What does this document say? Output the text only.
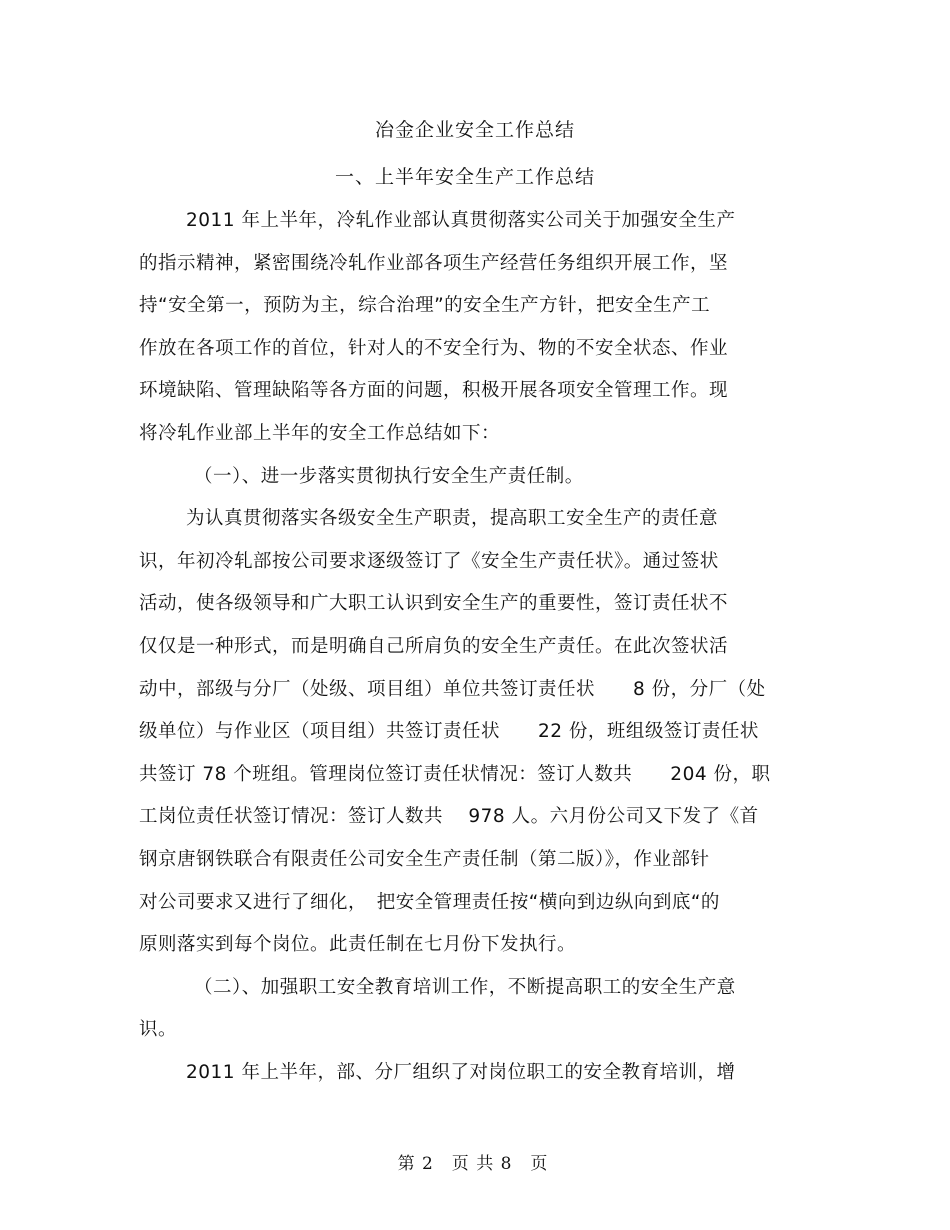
冶金企业安全工作总结
一、上半年安全生产工作总结
2011 年上半年，冷轧作业部认真贯彻落实公司关于加强安全生产
的指示精神，紧密围绕冷轧作业部各项生产经营任务组织开展工作，坚
持“安全第一，预防为主，综合治理”的安全生产方针，把安全生产工
作放在各项工作的首位，针对人的不安全行为、物的不安全状态、作业
环境缺陷、管理缺陷等各方面的问题，积极开展各项安全管理工作。现
将冷轧作业部上半年的安全工作总结如下：
（一）、进一步落实贯彻执行安全生产责任制。
为认真贯彻落实各级安全生产职责，提高职工安全生产的责任意
识，年初冷轧部按公司要求逐级签订了《安全生产责任状》。通过签状
活动，使各级领导和广大职工认识到安全生产的重要性，签订责任状不
仅仅是一种形式，而是明确自己所肩负的安全生产责任。在此次签状活
动中，部级与分厂（处级、项目组）单位共签订责任状　　8 份，分厂（处
级单位）与作业区（项目组）共签订责任状　　22 份，班组级签订责任状
共签订 78 个班组。管理岗位签订责任状情况：签订人数共　　204 份，职
工岗位责任状签订情况：签订人数共　 978 人。六月份公司又下发了《首
钢京唐钢铁联合有限责任公司安全生产责任制（第二版）》，作业部针
对公司要求又进行了细化，　把安全管理责任按“横向到边纵向到底“的
原则落实到每个岗位。此责任制在七月份下发执行。
（二）、加强职工安全教育培训工作，不断提高职工的安全生产意
识。
2011 年上半年，部、分厂组织了对岗位职工的安全教育培训，增
第 2　页 共 8　页
